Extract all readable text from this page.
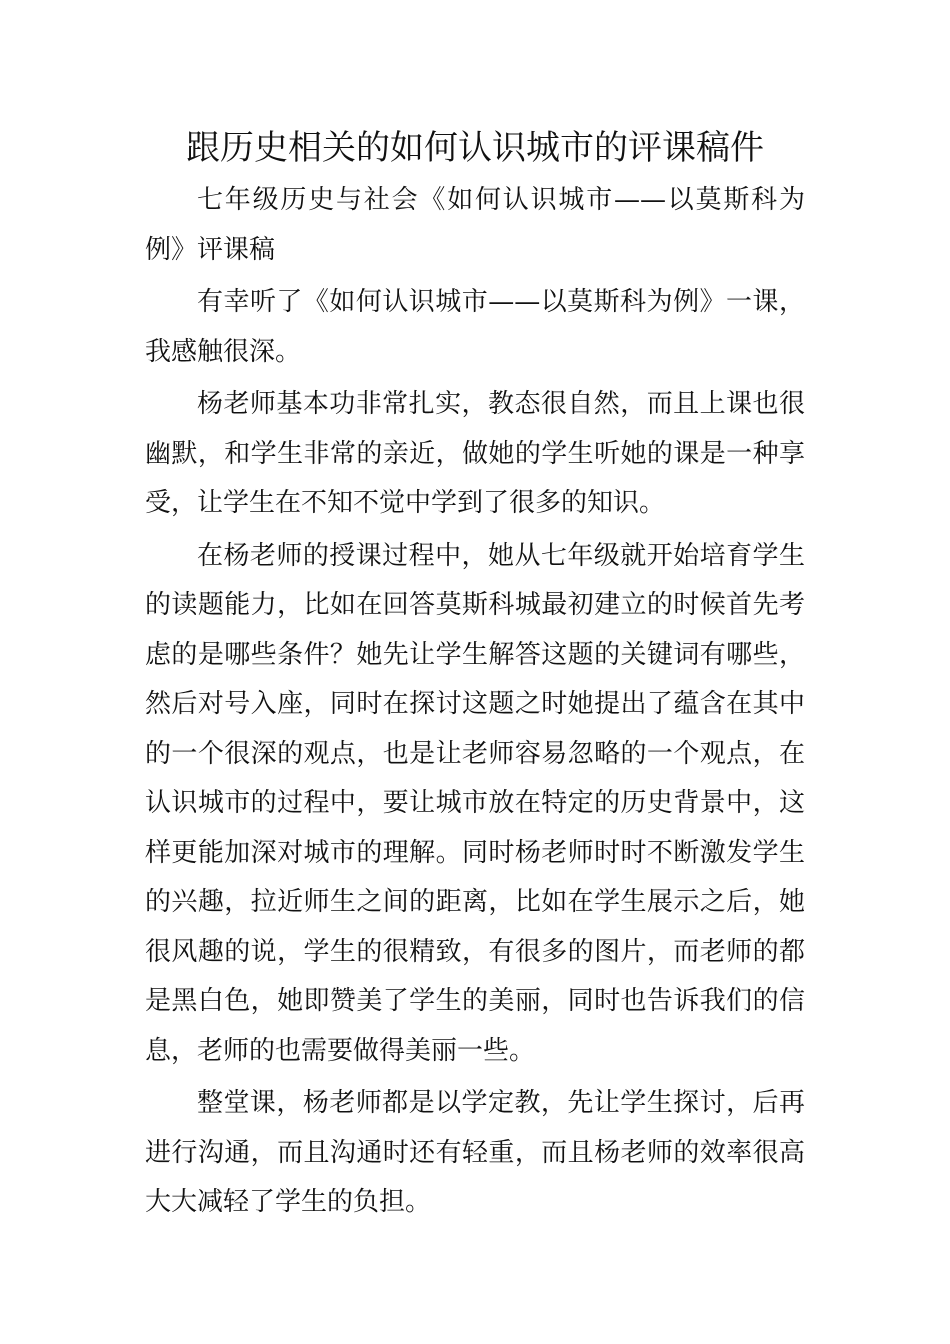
跟历史相关的如何认识城市的评课稿件

七年级历史与社会《如何认识城市——以莫斯科为例》评课稿

有幸听了《如何认识城市——以莫斯科为例》一课，我感触很深。

杨老师基本功非常扎实，教态很自然，而且上课也很幽默，和学生非常的亲近，做她的学生听她的课是一种享受，让学生在不知不觉中学到了很多的知识。

在杨老师的授课过程中，她从七年级就开始培育学生的读题能力，比如在回答莫斯科城最初建立的时候首先考虑的是哪些条件？她先让学生解答这题的关键词有哪些，然后对号入座，同时在探讨这题之时她提出了蕴含在其中的一个很深的观点，也是让老师容易忽略的一个观点，在认识城市的过程中，要让城市放在特定的历史背景中，这样更能加深对城市的理解。同时杨老师时时不断激发学生的兴趣，拉近师生之间的距离，比如在学生展示之后，她很风趣的说，学生的很精致，有很多的图片，而老师的都是黑白色，她即赞美了学生的美丽，同时也告诉我们的信息，老师的也需要做得美丽一些。

整堂课，杨老师都是以学定教，先让学生探讨，后再进行沟通，而且沟通时还有轻重，而且杨老师的效率很高大大减轻了学生的负担。
